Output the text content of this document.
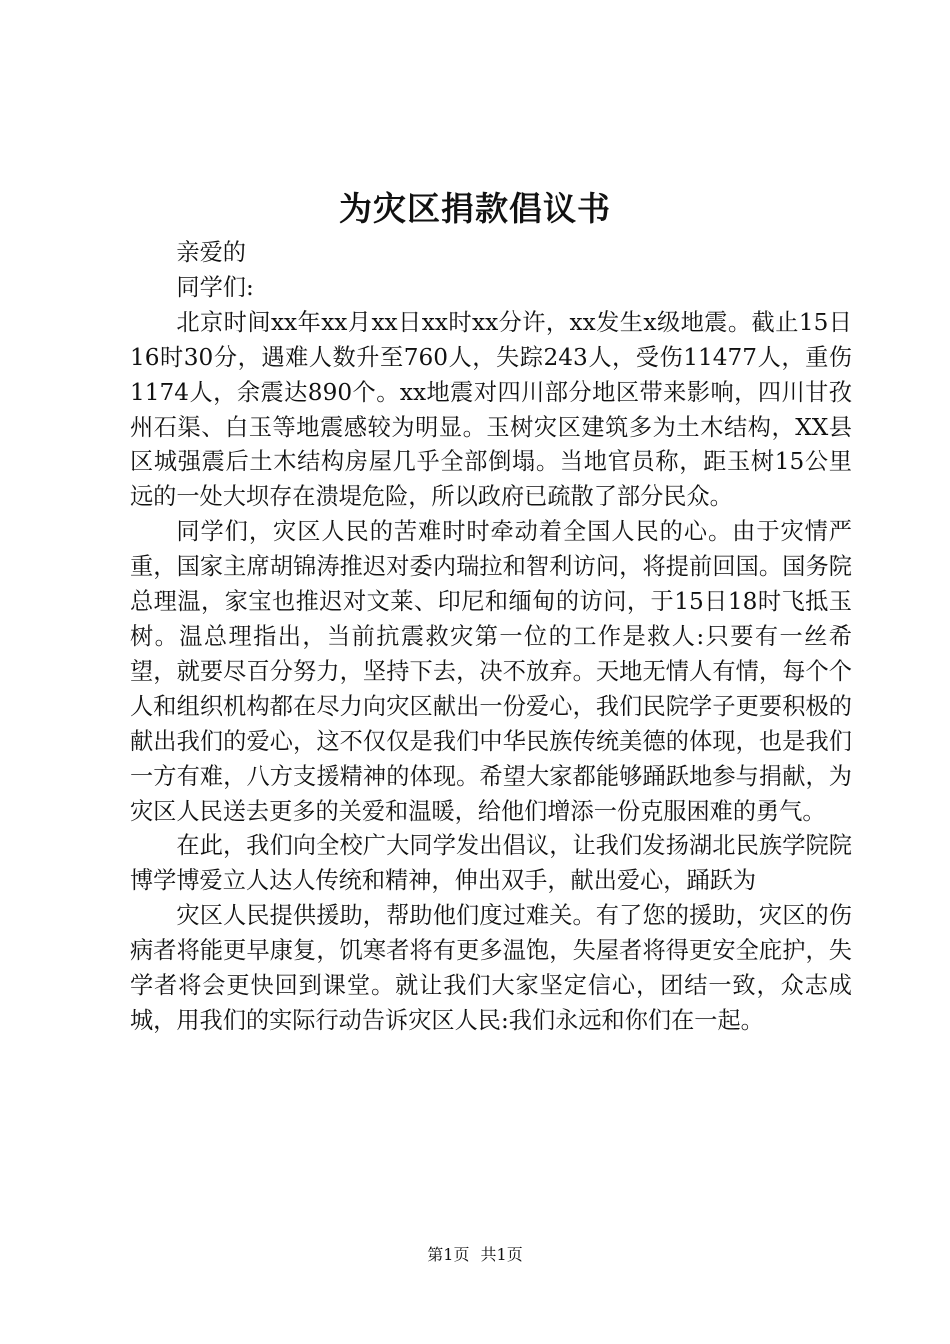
为灾区捐款倡议书

亲爱的

同学们:

北京时间xx年xx月xx日xx时xx分许，xx发生x级地震。截止15日16时30分，遇难人数升至760人，失踪243人，受伤11477人，重伤1174人，余震达890个。xx地震对四川部分地区带来影响，四川甘孜州石渠、白玉等地震感较为明显。玉树灾区建筑多为土木结构，XX县区城强震后土木结构房屋几乎全部倒塌。当地官员称，距玉树15公里远的一处大坝存在溃堤危险，所以政府已疏散了部分民众。

同学们，灾区人民的苦难时时牵动着全国人民的心。由于灾情严重，国家主席胡锦涛推迟对委内瑞拉和智利访问，将提前回国。国务院总理温，家宝也推迟对文莱、印尼和缅甸的访问，于15日18时飞抵玉树。温总理指出，当前抗震救灾第一位的工作是救人:只要有一丝希望，就要尽百分努力，坚持下去，决不放弃。天地无情人有情，每个个人和组织机构都在尽力向灾区献出一份爱心，我们民院学子更要积极的献出我们的爱心，这不仅仅是我们中华民族传统美德的体现，也是我们一方有难，八方支援精神的体现。希望大家都能够踊跃地参与捐献，为灾区人民送去更多的关爱和温暖，给他们增添一份克服困难的勇气。

在此，我们向全校广大同学发出倡议，让我们发扬湖北民族学院院博学博爱立人达人传统和精神，伸出双手，献出爱心，踊跃为

灾区人民提供援助，帮助他们度过难关。有了您的援助，灾区的伤病者将能更早康复，饥寒者将有更多温饱，失屋者将得更安全庇护，失学者将会更快回到课堂。就让我们大家坚定信心，团结一致，众志成城，用我们的实际行动告诉灾区人民:我们永远和你们在一起。

第1页 共1页
